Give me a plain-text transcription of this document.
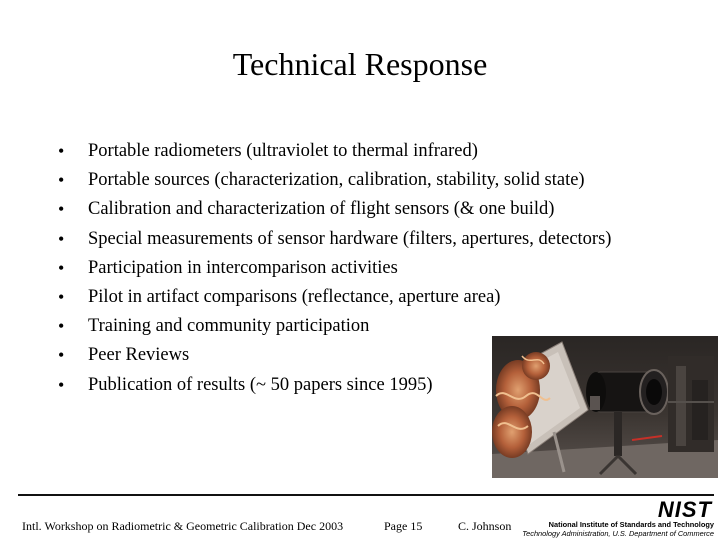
Technical Response
•	Portable radiometers (ultraviolet to thermal infrared)
•	Portable sources (characterization, calibration, stability, solid state)
•	Calibration and characterization of flight sensors (& one build)
•	Special measurements of sensor hardware (filters, apertures, detectors)
•	Participation in intercomparison activities
•	Pilot in artifact comparisons (reflectance, aperture area)
•	Training and community participation
•	Peer Reviews
•	Publication of results (~ 50 papers since 1995)
Intl. Workshop on Radiometric & Geometric Calibration Dec 2003	Page 15	C. Johnson
NIST
National Institute of Standards and Technology
Technology Administration, U.S. Department of Commerce
